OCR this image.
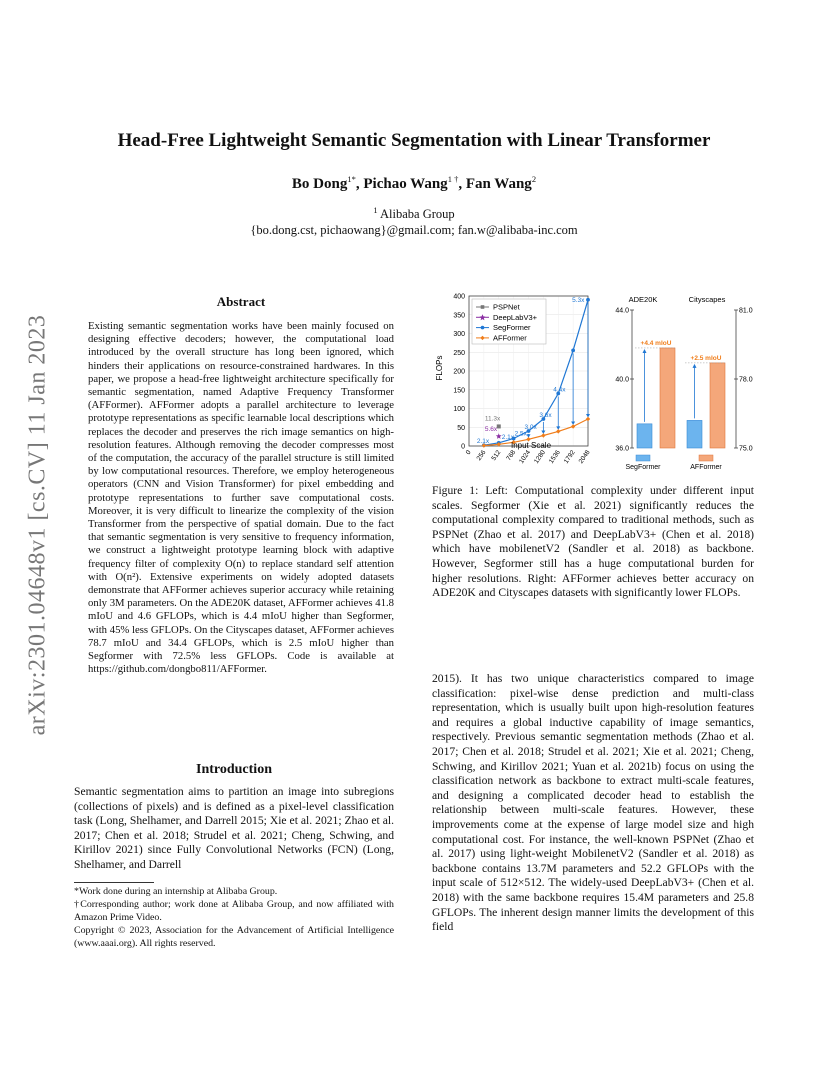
arXiv:2301.04648v1 [cs.CV] 11 Jan 2023
Head-Free Lightweight Semantic Segmentation with Linear Transformer
Bo Dong$^{1*}$, Pichao Wang$^{1 \dagger}$, Fan Wang$^2$
$^1$ Alibaba Group
{bo.dong.cst, pichaowang}@gmail.com; fan.w@alibaba-inc.com
Abstract
Existing semantic segmentation works have been mainly focused on designing effective decoders; however, the computational load introduced by the overall structure has long been ignored, which hinders their applications on resource-constrained hardwares. In this paper, we propose a head-free lightweight architecture specifically for semantic segmentation, named Adaptive Frequency Transformer (AFFormer). AFFormer adopts a parallel architecture to leverage prototype representations as specific learnable local descriptions which replaces the decoder and preserves the rich image semantics on high-resolution features. Although removing the decoder compresses most of the computation, the accuracy of the parallel structure is still limited by low computational resources. Therefore, we employ heterogeneous operators (CNN and Vision Transformer) for pixel embedding and prototype representations to further save computational costs. Moreover, it is very difficult to linearize the complexity of the vision Transformer from the perspective of spatial domain. Due to the fact that semantic segmentation is very sensitive to frequency information, we construct a lightweight prototype learning block with adaptive frequency filter of complexity O(n) to replace standard self attention with O(n²). Extensive experiments on widely adopted datasets demonstrate that AFFormer achieves superior accuracy while retaining only 3M parameters. On the ADE20K dataset, AFFormer achieves 41.8 mIoU and 4.6 GFLOPs, which is 4.4 mIoU higher than Segformer, with 45% less GFLOPs. On the Cityscapes dataset, AFFormer achieves 78.7 mIoU and 34.4 GFLOPs, which is 2.5 mIoU higher than Segformer with 72.5% less GFLOPs. Code is available at https://github.com/dongbo811/AFFormer.
Introduction
Semantic segmentation aims to partition an image into subregions (collections of pixels) and is defined as a pixel-level classification task (Long, Shelhamer, and Darrell 2015; Xie et al. 2021; Zhao et al. 2017; Chen et al. 2018; Strudel et al. 2021; Cheng, Schwing, and Kirillov 2021) since Fully Convolutional Networks (FCN) (Long, Shelhamer, and Darrell

*Work done during an internship at Alibaba Group.

†Corresponding author; work done at Alibaba Group, and now affiliated with Amazon Prime Video.

Copyright © 2023, Association for the Advancement of Artificial Intelligence (www.aaai.org). All rights reserved.

0
50
100
150
200
250
300
350
400
0 256 512 768 1024 1280 1536 1792 2048
11.3x
5.6x
2.1x
2.1x 2.5x
3.0x
3.6x
4.4x
5.3x
PSPNet
DeepLabV3+
SegFormer
AFFormer
FLOPs
Input Scale
ADE20K
36.0
40.0
44.0
+4.4 mIoU
Cityscapes
75.0
78.0
81.0
+2.5 mIoU
SegFormer	AFFormer
Figure 1: Left: Computational complexity under different input scales. Segformer (Xie et al. 2021) significantly reduces the computational complexity compared to traditional methods, such as PSPNet (Zhao et al. 2017) and DeepLabV3+ (Chen et al. 2018) which have mobilenetV2 (Sandler et al. 2018) as backbone. However, Segformer still has a huge computational burden for higher resolutions. Right: AFFormer achieves better accuracy on ADE20K and Cityscapes datasets with significantly lower FLOPs.
2015). It has two unique characteristics compared to image classification: pixel-wise dense prediction and multi-class representation, which is usually built upon high-resolution features and requires a global inductive capability of image semantics, respectively. Previous semantic segmentation methods (Zhao et al. 2017; Chen et al. 2018; Strudel et al. 2021; Xie et al. 2021; Cheng, Schwing, and Kirillov 2021; Yuan et al. 2021b) focus on using the classification network as backbone to extract multi-scale features, and designing a complicated decoder head to establish the relationship between multi-scale features. However, these improvements come at the expense of large model size and high computational cost. For instance, the well-known PSPNet (Zhao et al. 2017) using light-weight MobilenetV2 (Sandler et al. 2018) as backbone contains 13.7M parameters and 52.2 GFLOPs with the input scale of 512×512. The widely-used DeepLabV3+ (Chen et al. 2018) with the same backbone requires 15.4M parameters and 25.8 GFLOPs. The inherent design manner limits the development of this field
